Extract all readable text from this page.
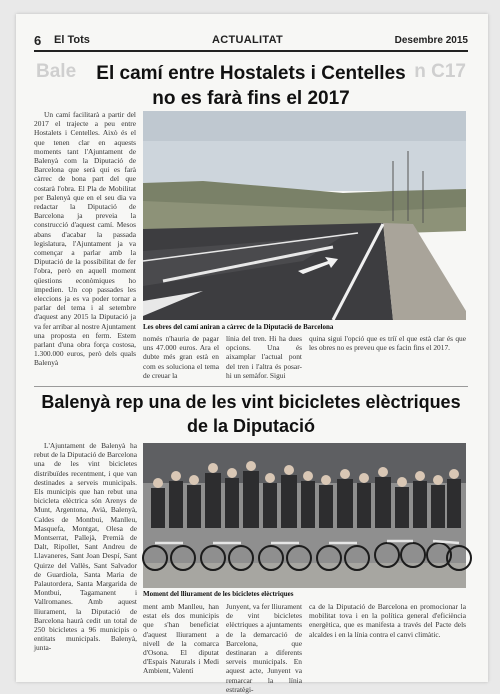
6 El Tots	ACTUALITAT	Desembre 2015
Bale	n C17
El camí entre Hostalets i Centelles
no es farà fins el 2017

Un camí facilitarà a partir del 2017 el trajecte a peu entre Hostalets i Centelles. Això és el que tenen clar en aquests moments tant l'Ajuntament de Balenyà com la Diputació de Barcelona que serà qui es farà càrrec de bona part del que costarà l'obra. El Pla de Mobilitat per Balenyà que en el seu dia va redactar la Diputació de Barcelona ja preveia la construcció d'aquest camí. Mesos abans d'acabar la passada legislatura, l'Ajuntament ja va començar a parlar amb la Diputació de la possibilitat de fer l'obra, però en aquell moment qüestions econòmiques ho impedien. Un cop passades les eleccions ja es va poder tornar a parlar del tema i al setembre d'aquest any 2015 la Diputació ja va fer arribar al nostre Ajuntament una proposta en ferm. Estem parlant d'una obra força costosa, 1.300.000 euros, però dels quals Balenyà

Les obres del camí aniran a càrrec de la Diputació de Barcelona

només n'hauria de pagar uns 47.000 euros. Ara el dubte més gran està en com es soluciona el tema de creuar la

línia del tren. Hi ha dues opcions. Una és aixamplar l'actual pont del tren i l'altra és posar-hi un semàfor. Sigui

quina sigui l'opció que es triï el que està clar és que les obres no es preveu que es facin fins el 2017.

Balenyà rep una de les vint bicicletes elèctriques
de la Diputació

L'Ajuntament de Balenyà ha rebut de la Diputació de Barcelona una de les vint bicicletes distribuïdes recentment, i que van destinades a serveis municipals. Els municipis que han rebut una bicicleta elèctrica són Arenys de Munt, Argentona, Avià, Balenyà, Caldes de Montbui, Manlleu, Masquefa, Montgat, Olesa de Montserrat, Pallejà, Premià de Dalt, Ripollet, Sant Andreu de Llavaneres, Sant Joan Despí, Sant Quirze del Vallès, Sant Salvador de Guardiola, Santa Maria de Palautordera, Santa Margarida de Montbui, Tagamanent i Vallromanes. Amb aquest lliurament, la Diputació de Barcelona haurà cedit un total de 250 bicicletes a 96 municipis o entitats municipals. Balenyà, junta-

Moment del lliurament de les bicicletes elèctriques

ment amb Manlleu, han estat els dos municipis que s'han beneficiat d'aquest lliurament a nivell de la comarca d'Osona. El diputat d'Espais Naturals i Medi Ambient, Valentí

Junyent, va fer lliurament de vint bicicletes elèctriques a ajuntaments de la demarcació de Barcelona, que destinaran a diferents serveis municipals. En aquest acte, Junyent va remarcar la línia estratègi-

ca de la Diputació de Barcelona en promocionar la mobilitat tova i en la política general d'eficiència energètica, que es manifesta a través del Pacte dels alcaldes i en la línia contra el canvi climàtic.
